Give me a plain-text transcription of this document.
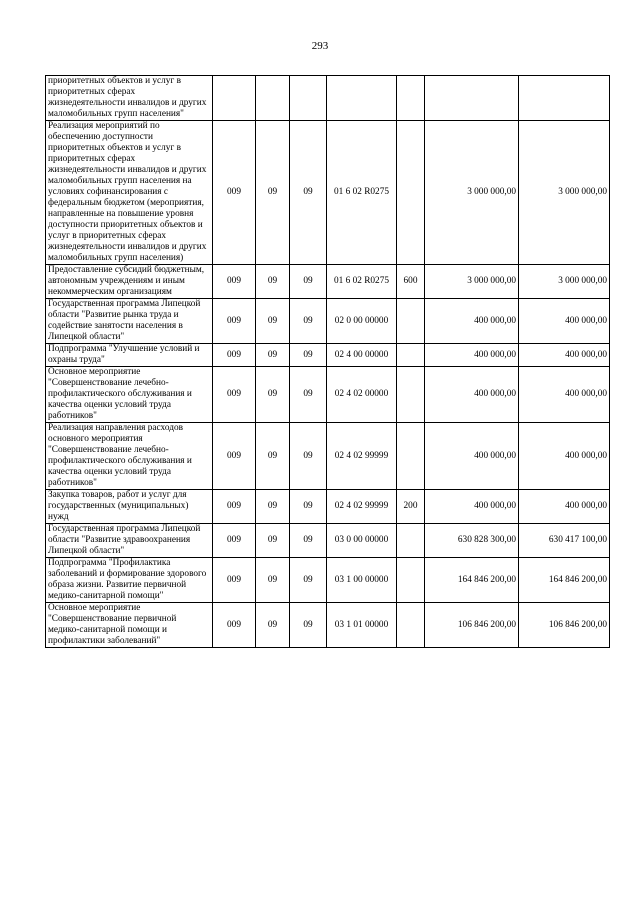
293
приоритетных объектов и услуг в приоритетных сферах жизнедеятельности инвалидов и других маломобильных групп населения"							
Реализация мероприятий по обеспечению доступности приоритетных объектов и услуг в приоритетных сферах жизнедеятельности инвалидов и других маломобильных групп населения на условиях софинансирования с федеральным бюджетом (мероприятия, направленные на повышение уровня доступности приоритетных объектов и услуг в приоритетных сферах жизнедеятельности инвалидов и других маломобильных групп населения)	009	09	09	01 6 02 R0275		3 000 000,00	3 000 000,00
Предоставление субсидий бюджетным, автономным учреждениям и иным некоммерческим организациям	009	09	09	01 6 02 R0275	600	3 000 000,00	3 000 000,00
Государственная программа Липецкой области "Развитие рынка труда и содействие занятости населения в Липецкой области"	009	09	09	02 0 00 00000		400 000,00	400 000,00
Подпрограмма "Улучшение условий и охраны труда"	009	09	09	02 4 00 00000		400 000,00	400 000,00
Основное мероприятие "Совершенствование лечебно-профилактического обслуживания и качества оценки условий труда работников"	009	09	09	02 4 02 00000		400 000,00	400 000,00
Реализация направления расходов основного мероприятия "Совершенствование лечебно-профилактического обслуживания и качества оценки условий труда работников"	009	09	09	02 4 02 99999		400 000,00	400 000,00
Закупка товаров, работ и услуг для государственных (муниципальных) нужд	009	09	09	02 4 02 99999	200	400 000,00	400 000,00
Государственная программа Липецкой области "Развитие здравоохранения Липецкой области"	009	09	09	03 0 00 00000		630 828 300,00	630 417 100,00
Подпрограмма "Профилактика заболеваний и формирование здорового образа жизни. Развитие первичной медико-санитарной помощи"	009	09	09	03 1 00 00000		164 846 200,00	164 846 200,00
Основное мероприятие "Совершенствование первичной медико-санитарной помощи и профилактики заболеваний"	009	09	09	03 1 01 00000		106 846 200,00	106 846 200,00
